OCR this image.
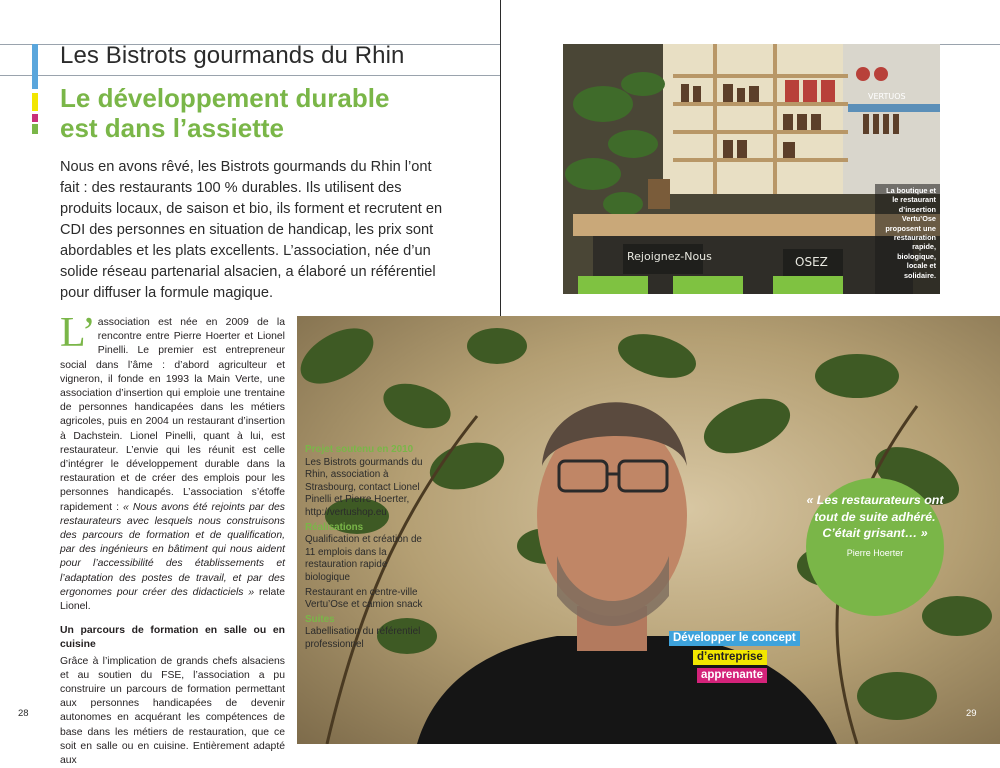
Les Bistrots gourmands du Rhin
Le développement durable
est dans l’assiette
Nous en avons rêvé, les Bistrots gourmands du Rhin l’ont fait : des restaurants 100 % durables. Ils utilisent des produits locaux, de saison et bio, ils forment et recrutent en CDI des personnes en situation de handicap, les prix sont abordables et les plats excellents. L’association, née d’un solide réseau partenarial alsacien, a élaboré un référentiel pour diffuser la formule magique.

L’ association est née en 2009 de la rencontre entre Pierre Hoerter et Lionel Pinelli. Le premier est entrepreneur social dans l’âme : d’abord agriculteur et vigneron, il fonde en 1993 la Main Verte, une association d’insertion qui emploie une trentaine de personnes handicapées dans les métiers agricoles, puis en 2004 un restaurant d’insertion à Dachstein. Lionel Pinelli, quant à lui, est restaurateur. L’envie qui les réunit est celle d’intégrer le développement durable dans la restauration et de créer des emplois pour les personnes handicapés. L’association s’étoffe rapidement : « Nous avons été rejoints par des restaurateurs avec lesquels nous construisons des parcours de formation et de qualification, par des ingénieurs en bâtiment qui nous aident pour l’accessibilité des établissements et l’adaptation des postes de travail, et par des ergonomes pour créer des didacticiels » relate Lionel.

Un parcours de formation en salle ou en cuisine

Grâce à l’implication de grands chefs alsaciens et au soutien du FSE, l’association a pu construire un parcours de formation permettant aux personnes handicapées de devenir autonomes en acquérant les compétences de base dans les métiers de restauration, que ce soit en salle ou en cuisine. Entièrement adapté aux

28
Rejoignez-Nous	OSEZ
VERTUOS
La boutique et le restaurant d’insertion Vertu’Ose proposent une restauration rapide, biologique, locale et solidaire.
Projet soutenu en 2010
Les Bistrots gourmands du Rhin, association à Strasbourg, contact Lionel Pinelli et Pierre Hoerter, http://vertushop.eu
Réalisations
Qualification et création de 11 emplois dans la restauration rapide biologique
Restaurant en centre-ville Vertu’Ose et camion snack
Suites
Labellisation du référentiel professionnel
« Les restaurateurs ont tout de suite adhéré. C’était grisant… »
Pierre Hoerter
Développer le concept
d’entreprise
apprenante
29
